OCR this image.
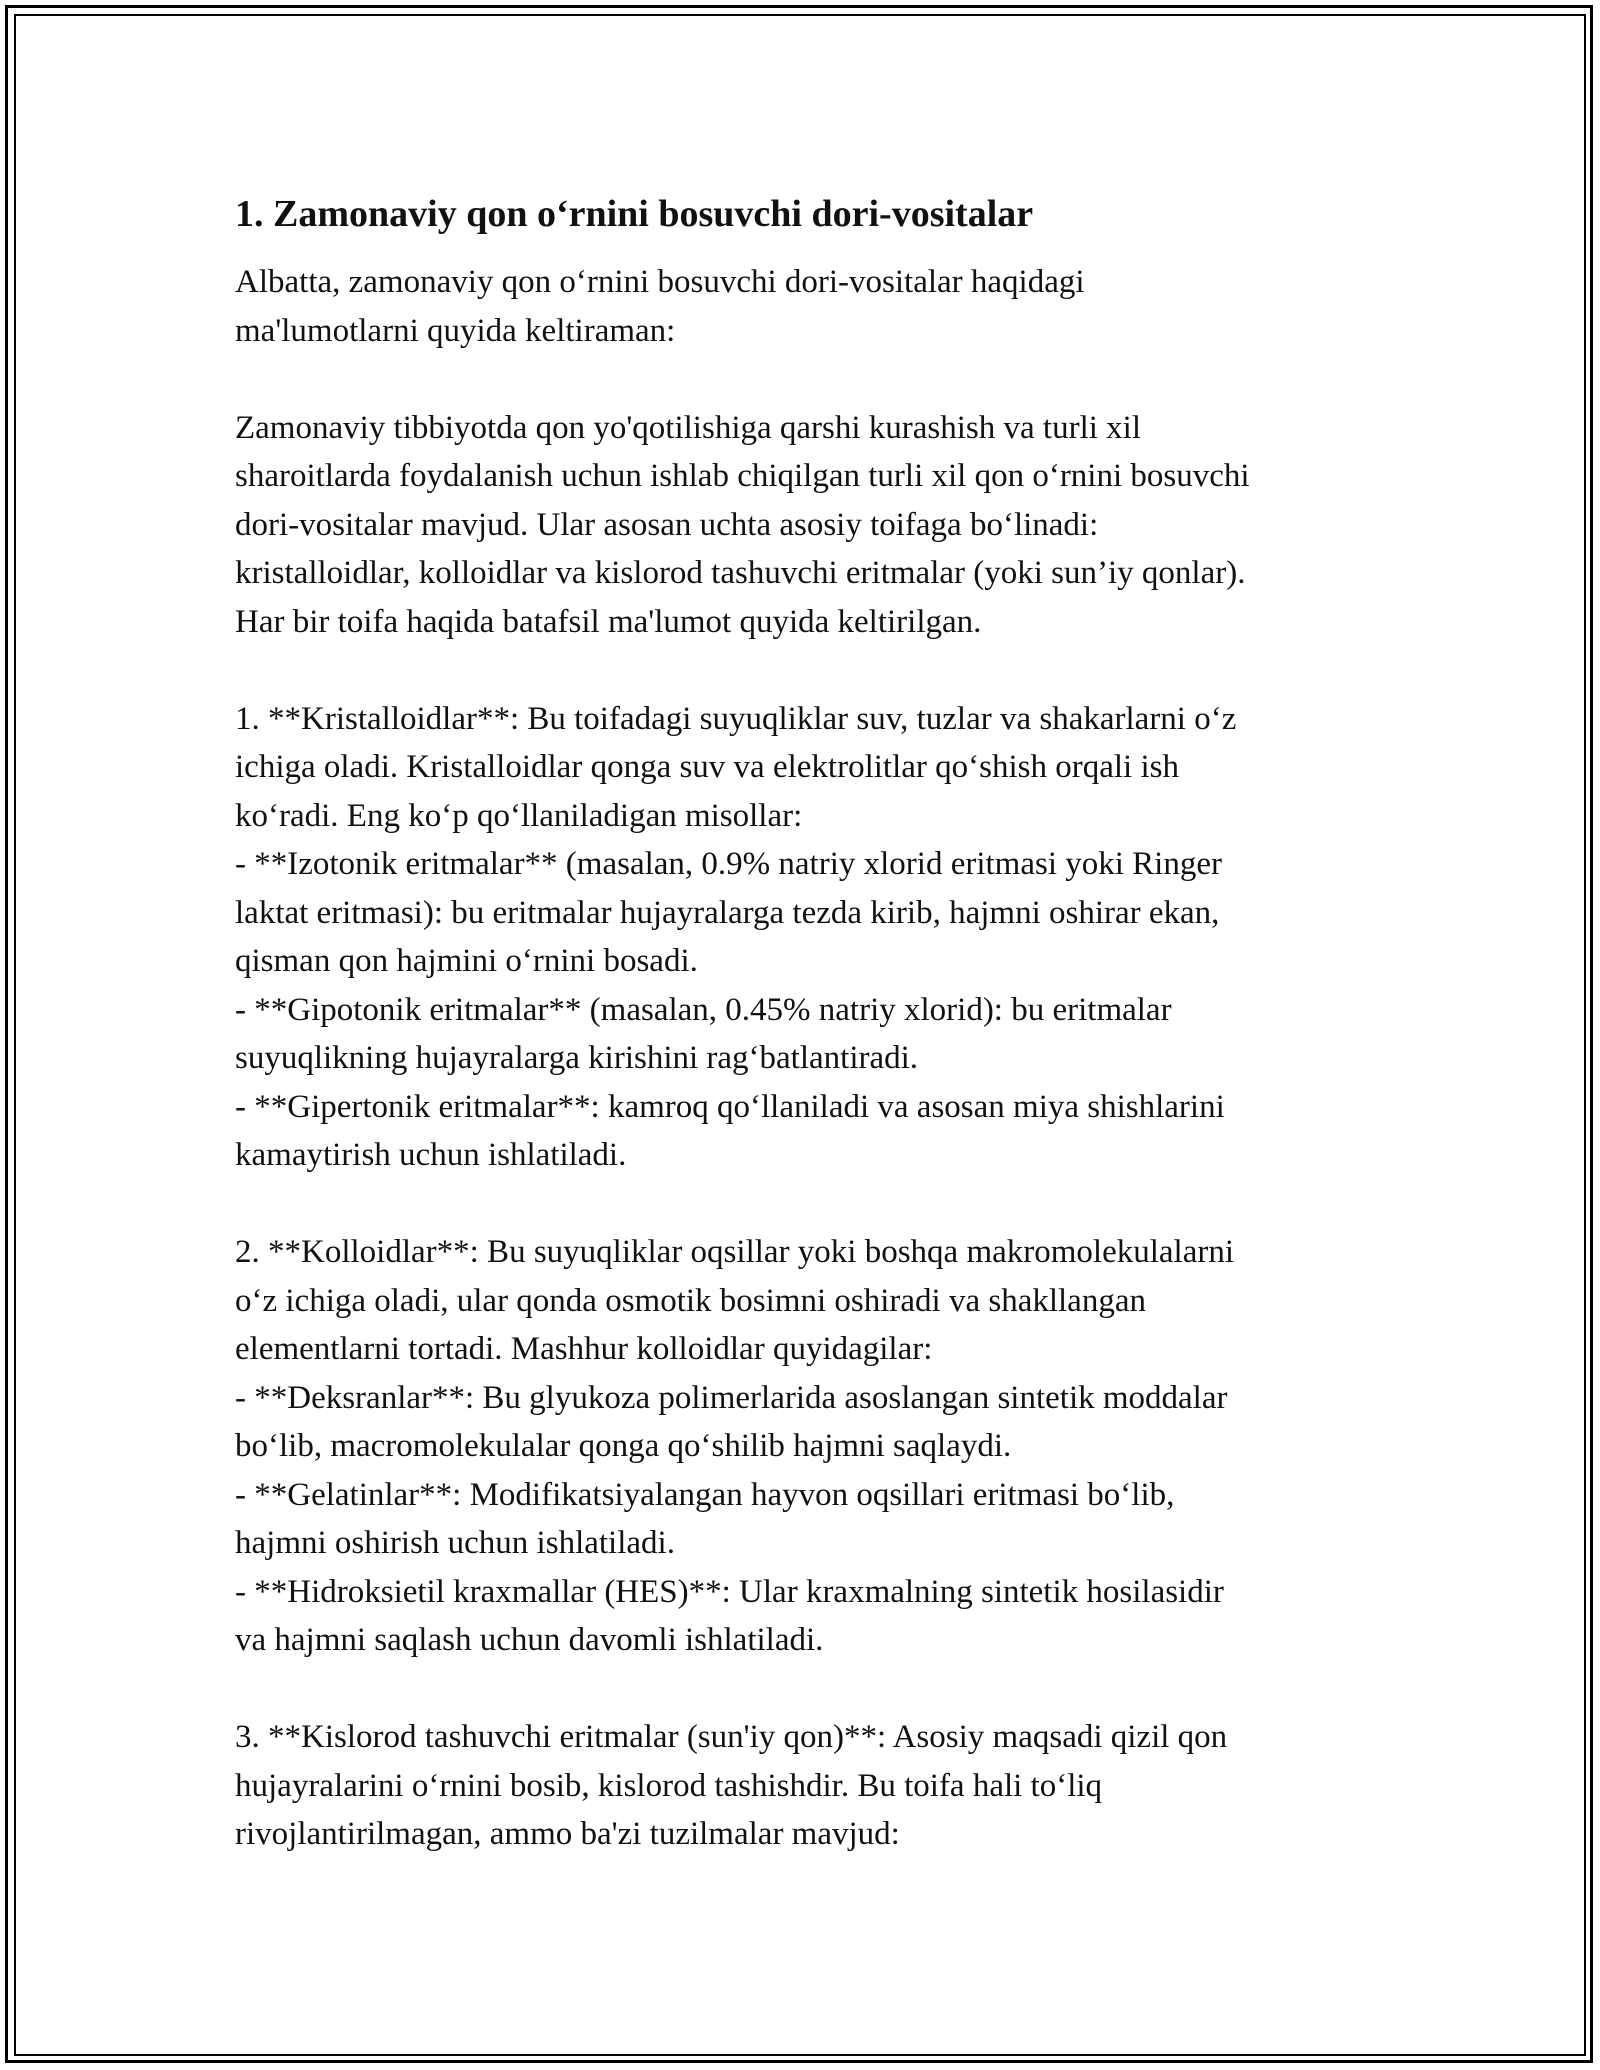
1. Zamonaviy qon o‘rnini bosuvchi dori-vositalar

Albatta, zamonaviy qon o‘rnini bosuvchi dori-vositalar haqidagi
ma'lumotlarni quyida keltiraman:

Zamonaviy tibbiyotda qon yo'qotilishiga qarshi kurashish va turli xil
sharoitlarda foydalanish uchun ishlab chiqilgan turli xil qon o‘rnini bosuvchi
dori-vositalar mavjud. Ular asosan uchta asosiy toifaga bo‘linadi:
kristalloidlar, kolloidlar va kislorod tashuvchi eritmalar (yoki sun’iy qonlar).
Har bir toifa haqida batafsil ma'lumot quyida keltirilgan.

1. **Kristalloidlar**: Bu toifadagi suyuqliklar suv, tuzlar va shakarlarni o‘z
ichiga oladi. Kristalloidlar qonga suv va elektrolitlar qo‘shish orqali ish
ko‘radi. Eng ko‘p qo‘llaniladigan misollar:
- **Izotonik eritmalar** (masalan, 0.9% natriy xlorid eritmasi yoki Ringer
laktat eritmasi): bu eritmalar hujayralarga tezda kirib, hajmni oshirar ekan,
qisman qon hajmini o‘rnini bosadi.
- **Gipotonik eritmalar** (masalan, 0.45% natriy xlorid): bu eritmalar
suyuqlikning hujayralarga kirishini rag‘batlantiradi.
- **Gipertonik eritmalar**: kamroq qo‘llaniladi va asosan miya shishlarini
kamaytirish uchun ishlatiladi.

2. **Kolloidlar**: Bu suyuqliklar oqsillar yoki boshqa makromolekulalarni
o‘z ichiga oladi, ular qonda osmotik bosimni oshiradi va shakllangan
elementlarni tortadi. Mashhur kolloidlar quyidagilar:
- **Deksranlar**: Bu glyukoza polimerlarida asoslangan sintetik moddalar
bo‘lib, macromolekulalar qonga qo‘shilib hajmni saqlaydi.
- **Gelatinlar**: Modifikatsiyalangan hayvon oqsillari eritmasi bo‘lib,
hajmni oshirish uchun ishlatiladi.
- **Hidroksietil kraxmallar (HES)**: Ular kraxmalning sintetik hosilasidir
va hajmni saqlash uchun davomli ishlatiladi.

3. **Kislorod tashuvchi eritmalar (sun'iy qon)**: Asosiy maqsadi qizil qon
hujayralarini o‘rnini bosib, kislorod tashishdir. Bu toifa hali to‘liq
rivojlantirilmagan, ammo ba'zi tuzilmalar mavjud:
